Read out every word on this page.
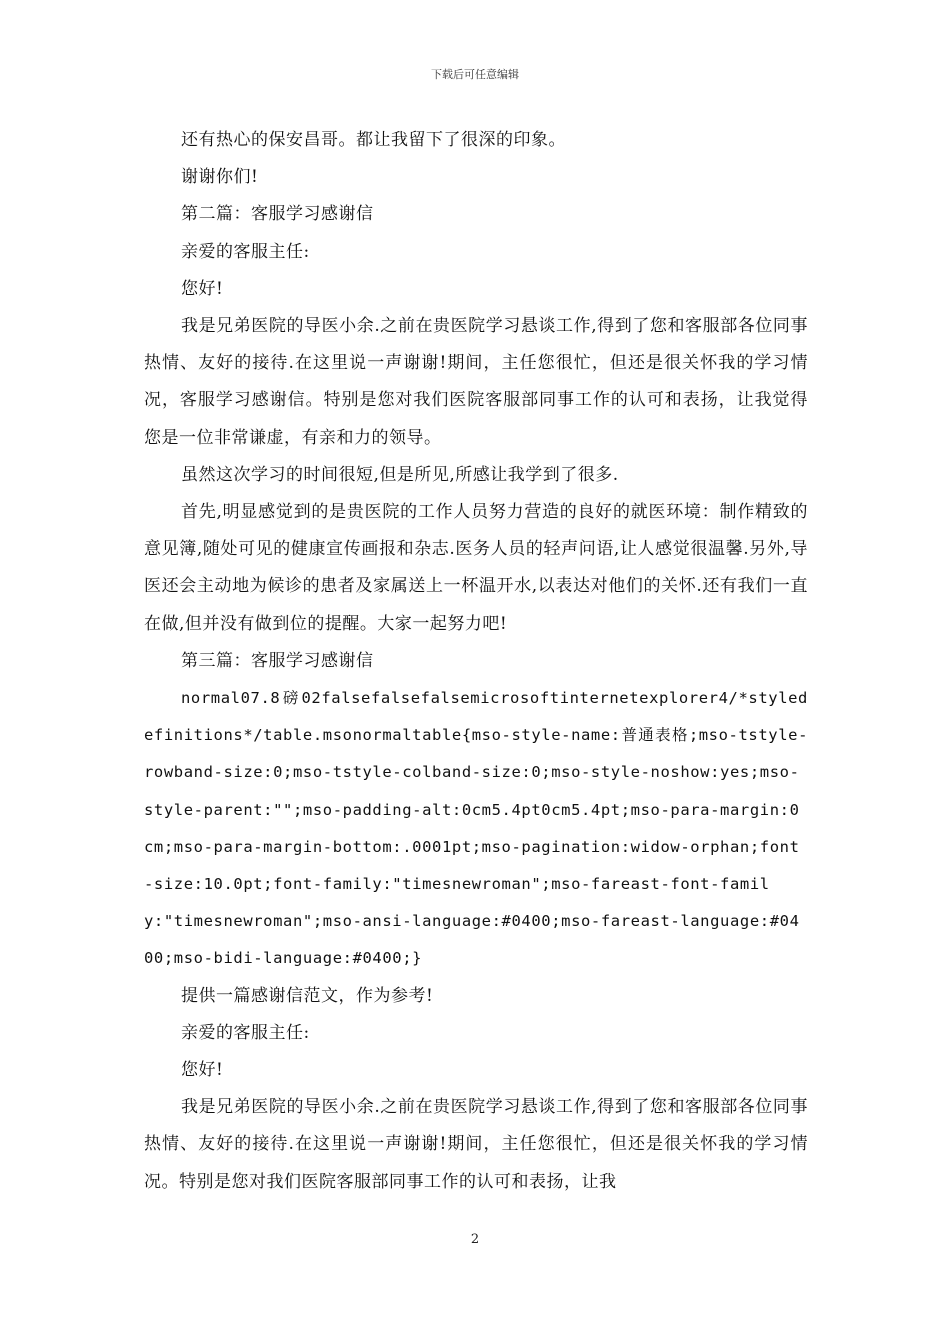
下载后可任意编辑

还有热心的保安昌哥。都让我留下了很深的印象。

谢谢你们!

第二篇：客服学习感谢信

亲爱的客服主任:

您好!

我是兄弟医院的导医小余.之前在贵医院学习悬谈工作,得到了您和客服部各位同事热情、友好的接待.在这里说一声谢谢!期间，主任您很忙，但还是很关怀我的学习情况，客服学习感谢信。特别是您对我们医院客服部同事工作的认可和表扬，让我觉得您是一位非常谦虚，有亲和力的领导。

虽然这次学习的时间很短,但是所见,所感让我学到了很多.

首先,明显感觉到的是贵医院的工作人员努力营造的良好的就医环境：制作精致的意见簿,随处可见的健康宣传画报和杂志.医务人员的轻声问语,让人感觉很温馨.另外,导医还会主动地为候诊的患者及家属送上一杯温开水,以表达对他们的关怀.还有我们一直在做,但并没有做到位的提醒。大家一起努力吧!

第三篇：客服学习感谢信

normal07.8磅02falsefalsefalsemicrosoftinternetexplorer4/*styledefinitions*/table.msonormaltable{mso-style-name:普通表格;mso-tstyle-rowband-size:0;mso-tstyle-colband-size:0;mso-style-noshow:yes;mso-style-parent:"";mso-padding-alt:0cm5.4pt0cm5.4pt;mso-para-margin:0cm;mso-para-margin-bottom:.0001pt;mso-pagination:widow-orphan;font-size:10.0pt;font-family:"timesnewroman";mso-fareast-font-family:"timesnewroman";mso-ansi-language:#0400;mso-fareast-language:#0400;mso-bidi-language:#0400;}

提供一篇感谢信范文，作为参考!

亲爱的客服主任:

您好!

我是兄弟医院的导医小余.之前在贵医院学习悬谈工作,得到了您和客服部各位同事热情、友好的接待.在这里说一声谢谢!期间，主任您很忙，但还是很关怀我的学习情况。特别是您对我们医院客服部同事工作的认可和表扬，让我

2
